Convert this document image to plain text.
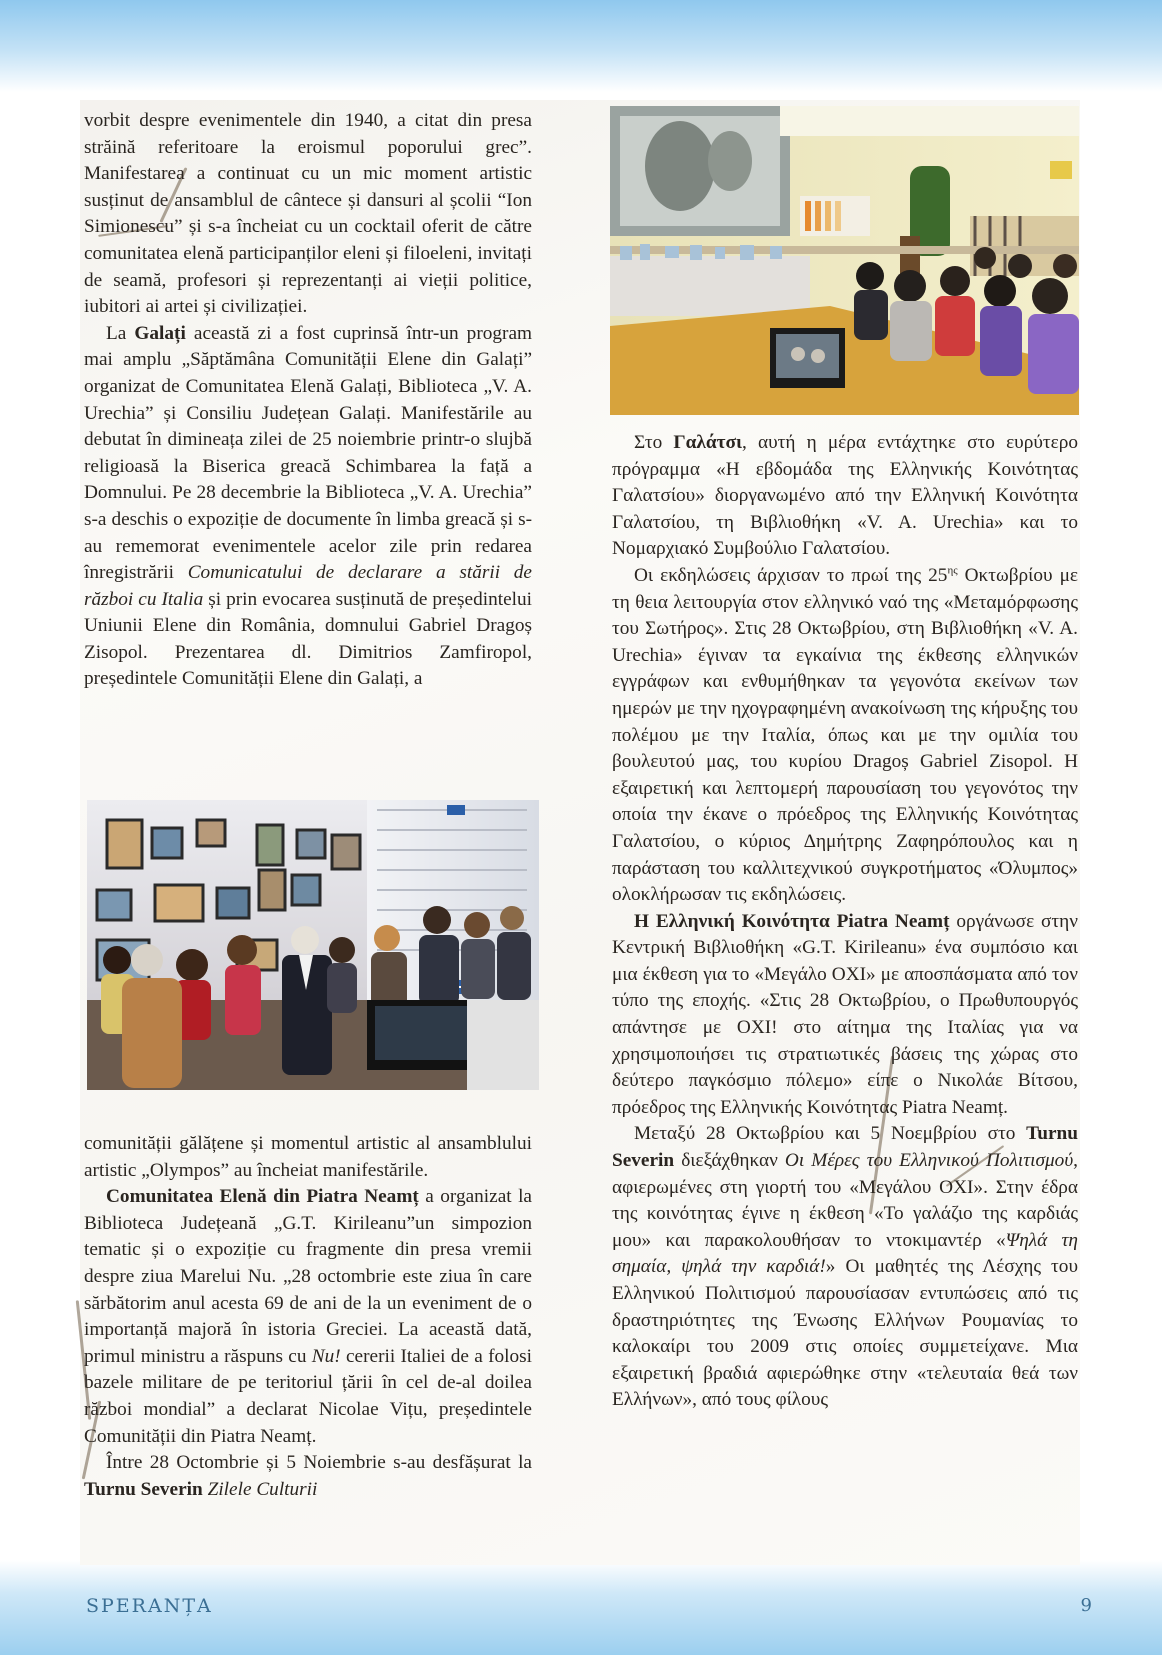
vorbit despre evenimentele din 1940, a citat din presa străină referitoare la eroismul poporului grec”. Manifestarea a continuat cu un mic moment artistic susținut de ansamblul de cântece și dansuri al școlii “Ion Simionescu” și s-a încheiat cu un cocktail oferit de către comunitatea elenă participanților eleni și filoeleni, invitați de seamă, profesori și reprezentanți ai vieții politice, iubitori ai artei și civilizației.

La Galați această zi a fost cuprinsă într-un program mai amplu „Săptămâna Comunității Elene din Galați” organizat de Comunitatea Elenă Galați, Biblioteca „V. A. Urechia” și Consiliu Județean Galați. Manifestările au debutat în dimineața zilei de 25 noiembrie printr-o slujbă religioasă la Biserica greacă Schimbarea la față a Domnului. Pe 28 decembrie la Biblioteca „V. A. Urechia” s-a deschis o expoziție de documente în limba greacă și s-au rememorat evenimentele acelor zile prin redarea înregistrării Comunicatului de declarare a stării de război cu Italia și prin evocarea susținută de președintelui Uniunii Elene din România, domnului Gabriel Dragoș Zisopol. Prezentarea dl. Dimitrios Zamfiropol, președintele Comunității Elene din Galați, a

comunității gălățene și momentul artistic al ansamblului artistic „Olympos” au încheiat manifestările.

Comunitatea Elenă din Piatra Neamț a organizat la Biblioteca Județeană „G.T. Kirileanu”un simpozion tematic și o expoziție cu fragmente din presa vremii despre ziua Marelui Nu. „28 octombrie este ziua în care sărbătorim anul acesta 69 de ani de la un eveniment de o importanță majoră în istoria Greciei. La această dată, primul ministru a răspuns cu Nu! cererii Italiei de a folosi bazele militare de pe teritoriul țării în cel de-al doilea război mondial” a declarat Nicolae Vițu, președintele Comunității din Piatra Neamț.

Între 28 Octombrie și 5 Noiembrie s-au desfășurat la Turnu Severin Zilele Culturii

Στο Γαλάτσι, αυτή η μέρα εντάχτηκε στο ευρύτερο πρόγραμμα «Η εβδομάδα της Ελληνικής Κοινότητας Γαλατσίου» διοργανωμένο από την Ελληνική Κοινότητα Γαλατσίου, τη Βιβλιοθήκη «V. A. Urechia» και το Νομαρχιακό Συμβούλιο Γαλατσίου.

Οι εκδηλώσεις άρχισαν το πρωί της $25^{\eta\varsigma}$ Οκτωβρίου με τη θεια λειτουργία στον ελληνικό ναό της «Μεταμόρφωσης του Σωτήρος». Στις 28 Οκτωβρίου, στη Βιβλιοθήκη «V. A. Urechia» έγιναν τα εγκαίνια της έκθεσης ελληνικών εγγράφων και ενθυμήθηκαν τα γεγονότα εκείνων των ημερών με την ηχογραφημένη ανακοίνωση της κήρυξης του πολέμου με την Ιταλία, όπως και με την ομιλία του βουλευτού μας, του κυρίου Dragoș Gabriel Zisopol. Η εξαιρετική και λεπτομερή παρουσίαση του γεγονότος την οποία την έκανε ο πρόεδρος της Ελληνικής Κοινότητας Γαλατσίου, ο κύριος Δημήτρης Ζαφηρόπουλος και η παράσταση του καλλιτεχνικού συγκροτήματος «Όλυμπος» ολοκλήρωσαν τις εκδηλώσεις.

Η Ελληνική Κοινότητα Piatra Neamț οργάνωσε στην Κεντρική Βιβλιοθήκη «G.T. Kirileanu» ένα συμπόσιο και μια έκθεση για το «Μεγάλο ΟΧΙ» με αποσπάσματα από τον τύπο της εποχής. «Στις 28 Οκτωβρίου, ο Πρωθυπουργός απάντησε με ΟΧΙ! στο αίτημα της Ιταλίας για να χρησιμοποιήσει τις στρατιωτικές βάσεις της χώρας στο δεύτερο παγκόσμιο πόλεμο» είπε ο Νικολάε Βίτσου, πρόεδρος της Ελληνικής Κοινότητας Piatra Neamț.

Μεταξύ 28 Οκτωβρίου και 5 Νοεμβρίου στο Turnu Severin διεξάχθηκαν Οι Μέρες του Ελληνικού Πολιτισμού, αφιερωμένες στη γιορτή του «Μεγάλου ΟΧΙ». Στην έδρα της κοινότητας έγινε η έκθεση «Το γαλάζιο της καρδιάς μου» και παρακολουθήσαν το ντοκιμαντέρ «Ψηλά τη σημαία, ψηλά την καρδιά!» Οι μαθητές της Λέσχης του Ελληνικού Πολιτισμού παρουσίασαν εντυπώσεις από τις δραστηριότητες της Ένωσης Ελλήνων Ρουμανίας το καλοκαίρι του 2009 στις οποίες συμμετείχανε. Μια εξαιρετική βραδιά αφιερώθηκε στην «τελευταία θεά των Ελλήνων», από τους φίλους

SPERANȚA	9
